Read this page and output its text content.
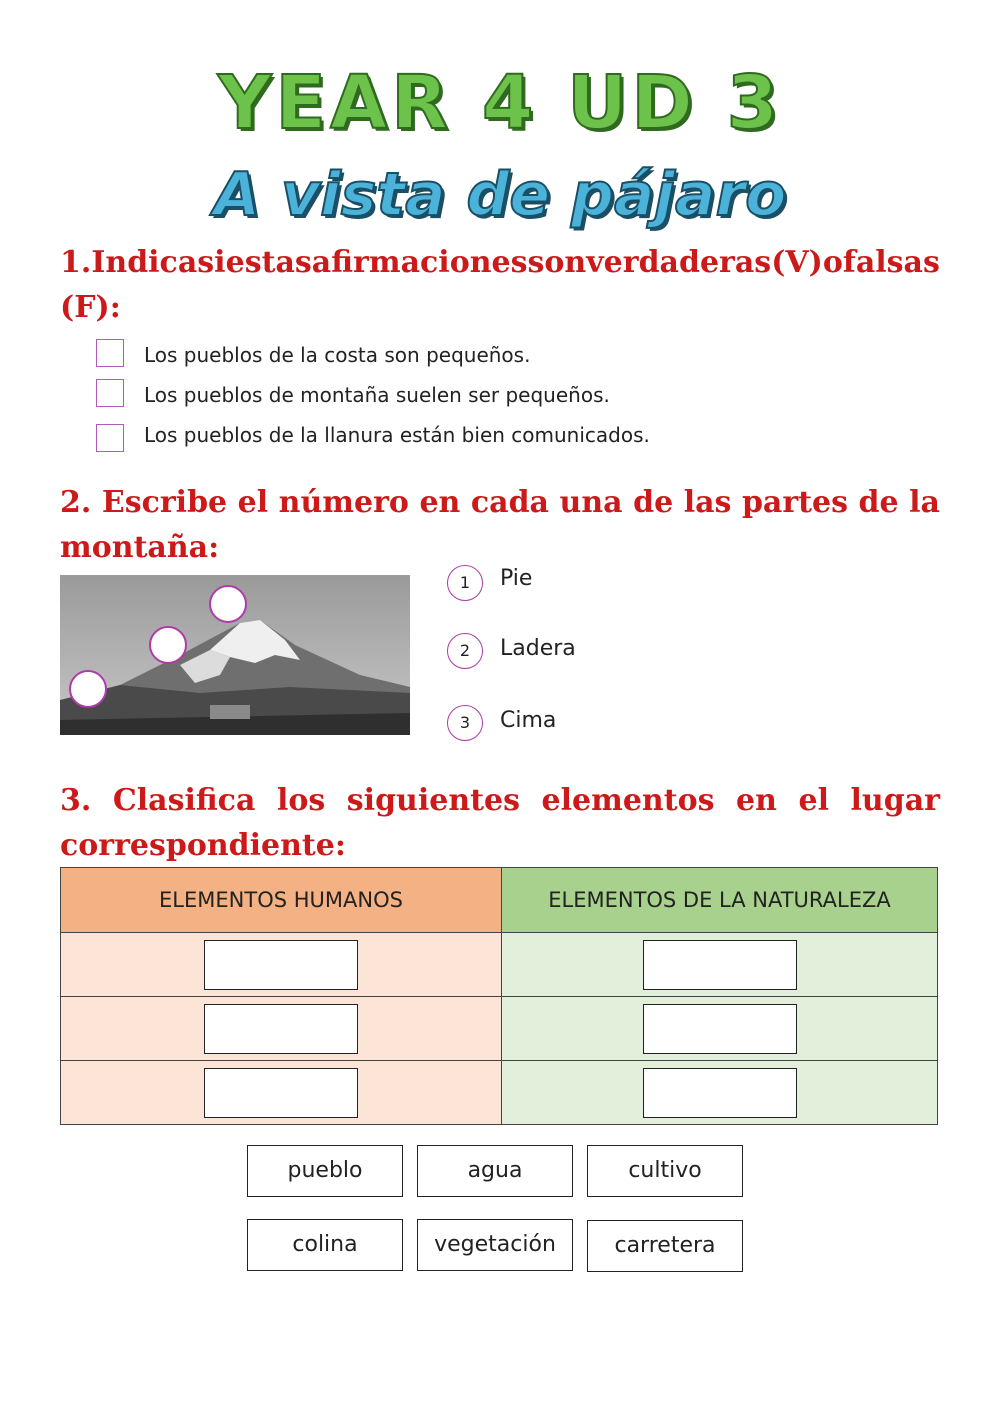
YEAR 4 UD 3
A vista de pájaro
1. Indica si estas afirmaciones son verdaderas (V) o falsas
(F):
Los pueblos de la costa son pequeños.
Los pueblos de montaña suelen ser pequeños.
Los pueblos de la llanura están bien comunicados.
2. Escribe el número en cada una de las partes de la
montaña:
1	Pie
2	Ladera
3	Cima
3. Clasifica los siguientes elementos en el lugar
correspondiente:
ELEMENTOS HUMANOS	ELEMENTOS DE LA NATURALEZA

pueblo	agua	cultivo
colina	vegetación	carretera
